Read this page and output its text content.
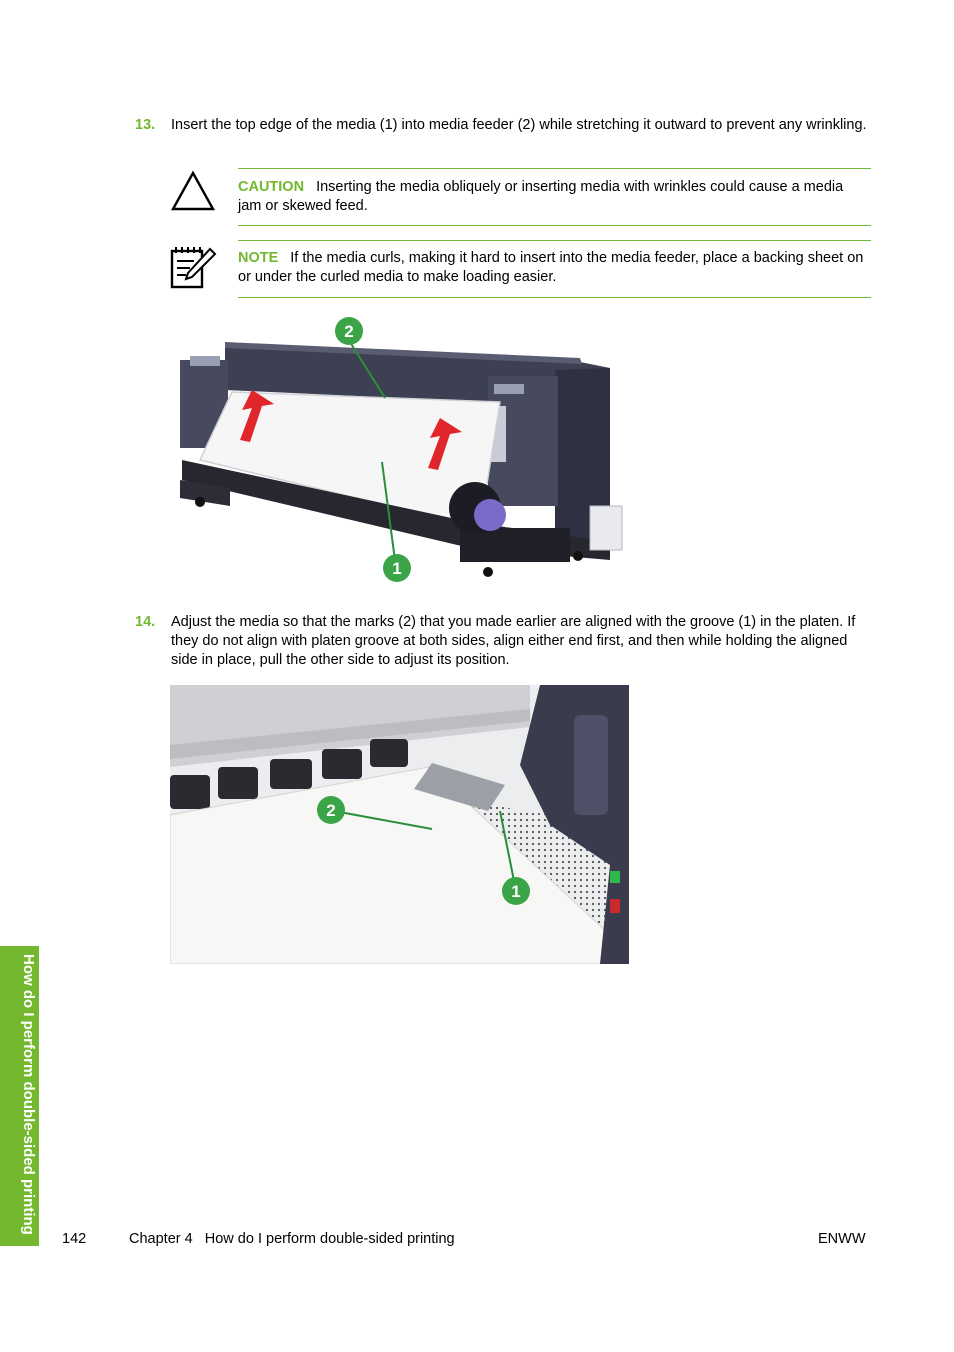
13. Insert the top edge of the media (1) into media feeder (2) while stretching it outward to prevent any wrinkling.
CAUTION Inserting the media obliquely or inserting media with wrinkles could cause a media jam or skewed feed.
NOTE If the media curls, making it hard to insert into the media feeder, place a backing sheet on or under the curled media to make loading easier.
2
1
14. Adjust the media so that the marks (2) that you made earlier are aligned with the groove (1) in the platen. If they do not align with platen groove at both sides, align either end first, and then while holding the aligned side in place, pull the other side to adjust its position.
2
1
How do I perform double-sided printing
142	Chapter 4   How do I perform double-sided printing	ENWW
